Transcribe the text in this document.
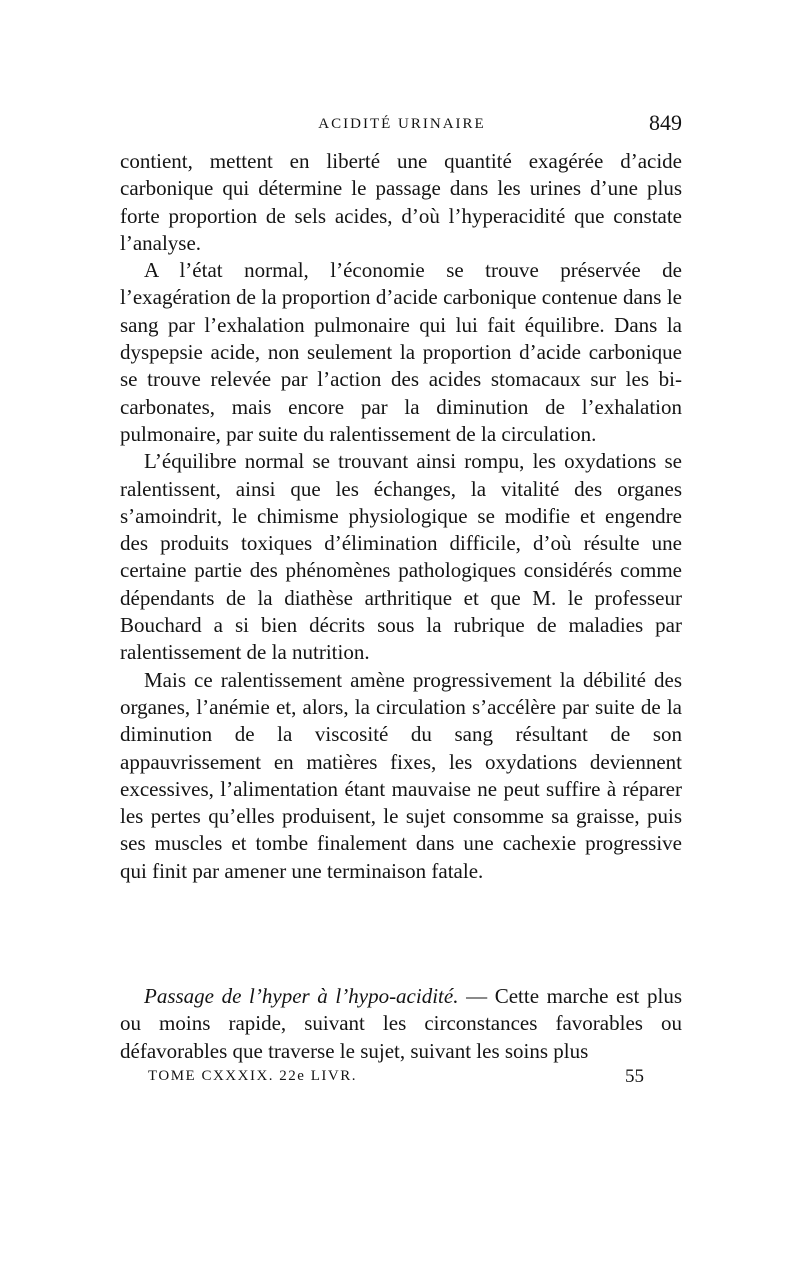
ACIDITÉ URINAIRE	849

contient, mettent en liberté une quantité exagérée d’acide carbonique qui détermine le passage dans les urines d’une plus forte proportion de sels acides, d’où l’hyperacidité que constate l’analyse.

A l’état normal, l’économie se trouve préservée de l’exagération de la proportion d’acide carbonique contenue dans le sang par l’exhalation pulmonaire qui lui fait équilibre. Dans la dyspepsie acide, non seulement la proportion d’acide carbonique se trouve relevée par l’action des acides stomacaux sur les bi-carbonates, mais encore par la diminution de l’exhalation pulmonaire, par suite du ralentissement de la circulation.

L’équilibre normal se trouvant ainsi rompu, les oxydations se ralentissent, ainsi que les échanges, la vitalité des organes s’amoindrit, le chimisme physiologique se modifie et engendre des produits toxiques d’élimination difficile, d’où résulte une certaine partie des phénomènes pathologiques considérés comme dépendants de la diathèse arthritique et que M. le professeur Bouchard a si bien décrits sous la rubrique de maladies par ralentissement de la nutrition.

Mais ce ralentissement amène progressivement la débilité des organes, l’anémie et, alors, la circulation s’accélère par suite de la diminution de la viscosité du sang résultant de son appauvrissement en matières fixes, les oxydations deviennent excessives, l’alimentation étant mauvaise ne peut suffire à réparer les pertes qu’elles produisent, le sujet consomme sa graisse, puis ses muscles et tombe finalement dans une cachexie progressive qui finit par amener une terminaison fatale.

Passage de l’hyper à l’hypo-acidité. — Cette marche est plus ou moins rapide, suivant les circonstances favorables ou défavorables que traverse le sujet, suivant les soins plus

TOME CXXXIX. 22e LIVR.	55
